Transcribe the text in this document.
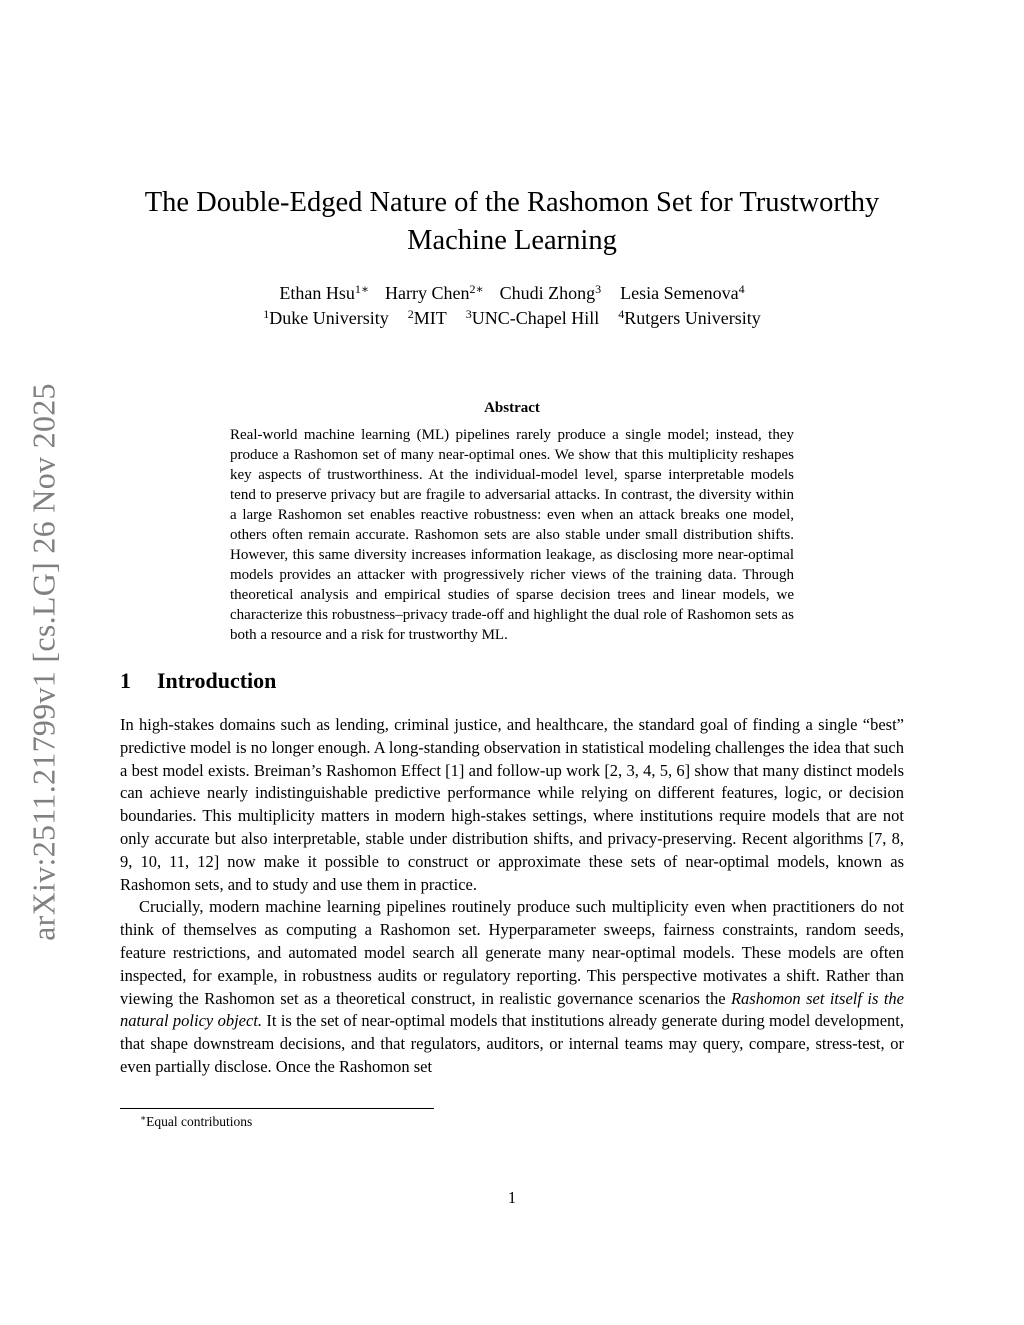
arXiv:2511.21799v1 [cs.LG] 26 Nov 2025
The Double-Edged Nature of the Rashomon Set for Trustworthy Machine Learning
Ethan Hsu$^{1∗}$ Harry Chen$^{2∗}$ Chudi Zhong$^3$ Lesia Semenova$^4$
$^1$Duke University $^2$MIT $^3$UNC-Chapel Hill $^4$Rutgers University
Abstract

Real-world machine learning (ML) pipelines rarely produce a single model; instead, they produce a Rashomon set of many near-optimal ones. We show that this multiplicity reshapes key aspects of trustworthiness. At the individual-model level, sparse interpretable models tend to preserve privacy but are fragile to adversarial attacks. In contrast, the diversity within a large Rashomon set enables reactive robustness: even when an attack breaks one model, others often remain accurate. Rashomon sets are also stable under small distribution shifts. However, this same diversity increases information leakage, as disclosing more near-optimal models provides an attacker with progressively richer views of the training data. Through theoretical analysis and empirical studies of sparse decision trees and linear models, we characterize this robustness–privacy trade-off and highlight the dual role of Rashomon sets as both a resource and a risk for trustworthy ML.

1 Introduction

In high-stakes domains such as lending, criminal justice, and healthcare, the standard goal of finding a single “best” predictive model is no longer enough. A long-standing observation in statistical modeling challenges the idea that such a best model exists. Breiman’s Rashomon Effect [1] and follow-up work [2, 3, 4, 5, 6] show that many distinct models can achieve nearly indistinguishable predictive performance while relying on different features, logic, or decision boundaries. This multiplicity matters in modern high-stakes settings, where institutions require models that are not only accurate but also interpretable, stable under distribution shifts, and privacy-preserving. Recent algorithms [7, 8, 9, 10, 11, 12] now make it possible to construct or approximate these sets of near-optimal models, known as Rashomon sets, and to study and use them in practice.

Crucially, modern machine learning pipelines routinely produce such multiplicity even when practitioners do not think of themselves as computing a Rashomon set. Hyperparameter sweeps, fairness constraints, random seeds, feature restrictions, and automated model search all generate many near-optimal models. These models are often inspected, for example, in robustness audits or regulatory reporting. This perspective motivates a shift. Rather than viewing the Rashomon set as a theoretical construct, in realistic governance scenarios the Rashomon set itself is the natural policy object. It is the set of near-optimal models that institutions already generate during model development, that shape downstream decisions, and that regulators, auditors, or internal teams may query, compare, stress-test, or even partially disclose. Once the Rashomon set

∗Equal contributions
1
